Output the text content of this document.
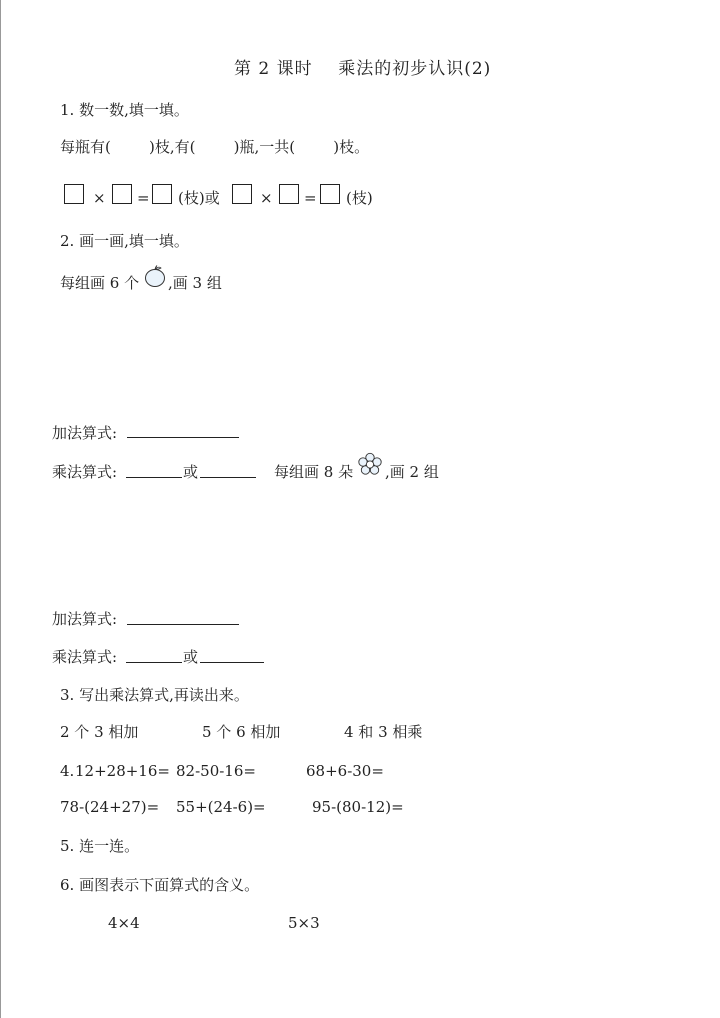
第 2 课时    乘法的初步认识(2)
1. 数一数,填一填。
每瓶有(        )枝,有(        )瓶,一共(        )枝。
× = (枝)或	× = (枝)
2. 画一画,填一填。
每组画 6 个 ,画 3 组
加法算式:
乘法算式:	或	每组画 8 朵 ,画 2 组
加法算式:
乘法算式:	或
3. 写出乘法算式,再读出来。
2 个 3 相加	5 个 6 相加	4 和 3 相乘
4. 12+28+16= 82-50-16=	68+6-30=
78-(24+27)= 55+(24-6)=	95-(80-12)=
5. 连一连。
6. 画图表示下面算式的含义。
4×4	5×3
